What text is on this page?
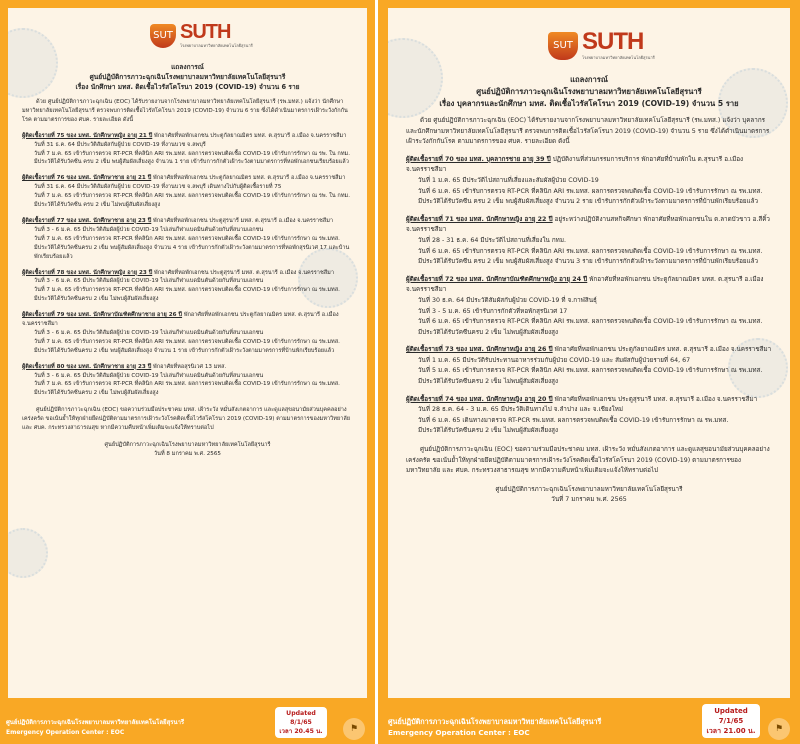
SUT SUTH
โรงพยาบาลมหาวิทยาลัยเทคโนโลยีสุรนารี
แถลงการณ์
ศูนย์ปฏิบัติการภาวะฉุกเฉินโรงพยาบาลมหาวิทยาลัยเทคโนโลยีสุรนารี
เรื่อง นักศึกษา มทส. ติดเชื้อไวรัสโคโรนา 2019 (COVID-19) จำนวน 6 ราย

ด้วย ศูนย์ปฏิบัติการภาวะฉุกเฉิน (EOC) ได้รับรายงานจากโรงพยาบาลมหาวิทยาลัยเทคโนโลยีสุรนารี (รพ.มทส.) แจ้งว่า นักศึกษามหาวิทยาลัยเทคโนโลยีสุรนารี ตรวจพบการติดเชื้อไวรัสโคโรนา 2019 (COVID-19) จำนวน 6 ราย ซึ่งได้ดำเนินมาตรการเฝ้าระวังกักกันโรค ตามมาตรการของ ศบค. รายละเอียด ดังนี้

ผู้ติดเชื้อรายที่ 75 ของ มทส. นักศึกษาหญิง อายุ 21 ปี พักอาศัยที่หอพักเอกชน ประตูกัลยาณมิตร มทส. ต.สุรนารี อ.เมือง จ.นครราชสีมา
วันที่ 31 ธ.ค. 64 มีประวัติสัมผัสกับผู้ป่วย COVID-19 ที่งานบวช จ.ลพบุรี
วันที่ 7 ม.ค. 65 เข้ารับการตรวจ RT-PCR ที่คลินิก ARI รพ.มทส. ผลการตรวจพบติดเชื้อ COVID-19 เข้ารับการรักษา ณ รพ. ใน กทม.
มีประวัติได้รับวัคซีน ครบ 2 เข็ม พบผู้สัมผัสเสี่ยงสูง จำนวน 1 ราย เข้ารับการกักตัวเฝ้าระวังตามมาตรการที่หอพักเอกชนเรียบร้อยแล้ว
ผู้ติดเชื้อรายที่ 76 ของ มทส. นักศึกษาชาย อายุ 21 ปี พักอาศัยที่หอพักเอกชน ประตูกัลยาณมิตร มทส. ต.สุรนารี อ.เมือง จ.นครราชสีมา
วันที่ 31 ธ.ค. 64 มีประวัติสัมผัสกับผู้ป่วย COVID-19 ที่งานบวช จ.ลพบุรี เดินทางไปกับผู้ติดเชื้อรายที่ 75
วันที่ 7 ม.ค. 65 เข้ารับการตรวจ RT-PCR ที่คลินิก ARI รพ.มทส. ผลการตรวจพบติดเชื้อ COVID-19 เข้ารับการรักษา ณ รพ. ใน กทม.
มีประวัติได้รับวัคซีน ครบ 2 เข็ม ไม่พบผู้สัมผัสเสี่ยงสูง
ผู้ติดเชื้อรายที่ 77 ของ มทส. นักศึกษาชาย อายุ 23 ปี พักอาศัยที่หอพักเอกชน ประตูสุรนารี มทส. ต.สุรนารี อ.เมือง จ.นครราชสีมา
วันที่ 3 - 6 ม.ค. 65 มีประวัติสัมผัสผู้ป่วย COVID-19 ไปเล่นกีฬาแบดมินตันด้วยกันที่สนามเอกชน
วันที่ 7 ม.ค. 65 เข้ารับการตรวจ RT-PCR ที่คลินิก ARI รพ.มทส. ผลการตรวจพบติดเชื้อ COVID-19 เข้ารับการรักษา ณ รพ.มทส.
มีประวัติได้รับวัคซีนครบ 2 เข็ม พบผู้สัมผัสเสี่ยงสูง จำนวน 4 ราย เข้ารับการกักตัวเฝ้าระวังตามมาตรการที่หอพักสุรนิเวศ 17 และบ้านพักเรียบร้อยแล้ว
ผู้ติดเชื้อรายที่ 78 ของ มทส. นักศึกษาหญิง อายุ 23 ปี พักอาศัยที่หอพักเอกชน ประตูสุรนารี มทส. ต.สุรนารี อ.เมือง จ.นครราชสีมา
วันที่ 3 - 6 ม.ค. 65 มีประวัติสัมผัสผู้ป่วย COVID-19 ไปเล่นกีฬาแบดมินตันด้วยกันที่สนามเอกชน
วันที่ 7 ม.ค. 65 เข้ารับการตรวจ RT-PCR ที่คลินิก ARI รพ.มทส. ผลการตรวจพบติดเชื้อ COVID-19 เข้ารับการรักษา ณ รพ.มทส.
มีประวัติได้รับวัคซีนครบ 2 เข็ม ไม่พบผู้สัมผัสเสี่ยงสูง
ผู้ติดเชื้อรายที่ 79 ของ มทส. นักศึกษาบัณฑิตศึกษาชาย อายุ 26 ปี พักอาศัยที่หอพักเอกชน ประตูกัลยาณมิตร มทส. ต.สุรนารี อ.เมือง จ.นครราชสีมา
วันที่ 3 - 6 ม.ค. 65 มีประวัติสัมผัสผู้ป่วย COVID-19 ไปเล่นกีฬาแบดมินตันด้วยกันที่สนามเอกชน
วันที่ 7 ม.ค. 65 เข้ารับการตรวจ RT-PCR ที่คลินิก ARI รพ.มทส. ผลการตรวจพบติดเชื้อ COVID-19 เข้ารับการรักษา ณ รพ.มทส.
มีประวัติได้รับวัคซีนครบ 2 เข็ม พบผู้สัมผัสเสี่ยงสูง จำนวน 1 ราย เข้ารับการกักตัวเฝ้าระวังตามมาตรการที่บ้านพักเรียบร้อยแล้ว
ผู้ติดเชื้อรายที่ 80 ของ มทส. นักศึกษาชาย อายุ 23 ปี พักอาศัยที่หอสุรนิเวศ 13 มทส.
วันที่ 3 - 6 ม.ค. 65 มีประวัติสัมผัสผู้ป่วย COVID-19 ไปเล่นกีฬาแบดมินตันด้วยกันที่สนามเอกชน
วันที่ 7 ม.ค. 65 เข้ารับการตรวจ RT-PCR ที่คลินิก ARI รพ.มทส. ผลการตรวจพบติดเชื้อ COVID-19 เข้ารับการรักษา ณ รพ.มทส.
มีประวัติได้รับวัคซีนครบ 2 เข็ม ไม่พบผู้สัมผัสเสี่ยงสูง

ศูนย์ปฏิบัติการภาวะฉุกเฉิน (EOC) ขอความร่วมมือประชาคม มทส. เฝ้าระวัง หมั่นสังเกตอาการ และดูแลสุขอนามัยส่วนบุคคลอย่างเคร่งครัด ขอเน้นย้ำให้ทุกฝ่ายยึดปฏิบัติตามมาตรการเฝ้าระวังโรคติดเชื้อไวรัสโคโรนา 2019 (COVID-19) ตามมาตรการของมหาวิทยาลัย และ ศบค. กระทรวงสาธารณสุข หากมีความคืบหน้าเพิ่มเติมจะแจ้งให้ทราบต่อไป

ศูนย์ปฏิบัติการภาวะฉุกเฉินโรงพยาบาลมหาวิทยาลัยเทคโนโลยีสุรนารี
วันที่ 8 มกราคม พ.ศ. 2565
ศูนย์ปฏิบัติการภาวะฉุกเฉินโรงพยาบาลมหาวิทยาลัยเทคโนโลยีสุรนารี
Emergency Operation Center : EOC
Updated 8/1/65
เวลา 20.45 น.	⚑
SUT SUTH
โรงพยาบาลมหาวิทยาลัยเทคโนโลยีสุรนารี
แถลงการณ์
ศูนย์ปฏิบัติการภาวะฉุกเฉินโรงพยาบาลมหาวิทยาลัยเทคโนโลยีสุรนารี
เรื่อง บุคลากรและนักศึกษา มทส. ติดเชื้อไวรัสโคโรนา 2019 (COVID-19) จำนวน 5 ราย

ด้วย ศูนย์ปฏิบัติการภาวะฉุกเฉิน (EOC) ได้รับรายงานจากโรงพยาบาลมหาวิทยาลัยเทคโนโลยีสุรนารี (รพ.มทส.) แจ้งว่า บุคลากรและนักศึกษามหาวิทยาลัยเทคโนโลยีสุรนารี ตรวจพบการติดเชื้อไวรัสโคโรนา 2019 (COVID-19) จำนวน 5 ราย ซึ่งได้ดำเนินมาตรการเฝ้าระวังกักกันโรค ตามมาตรการของ ศบค. รายละเอียด ดังนี้

ผู้ติดเชื้อรายที่ 70 ของ มทส. บุคลากรชาย อายุ 39 ปี ปฏิบัติงานที่ส่วนกรรมการบริการ พักอาศัยที่บ้านพักใน ต.สุรนารี อ.เมือง จ.นครราชสีมา
วันที่ 1 ม.ค. 65 มีประวัติไปสถานที่เสี่ยงและสัมผัสผู้ป่วย COVID-19
วันที่ 6 ม.ค. 65 เข้ารับการตรวจ RT-PCR ที่คลินิก ARI รพ.มทส. ผลการตรวจพบติดเชื้อ COVID-19 เข้ารับการรักษา ณ รพ.มทส.
มีประวัติได้รับวัคซีน ครบ 2 เข็ม พบผู้สัมผัสเสี่ยงสูง จำนวน 2 ราย เข้ารับการกักตัวเฝ้าระวังตามมาตรการที่บ้านพักเรียบร้อยแล้ว
ผู้ติดเชื้อรายที่ 71 ของ มทส. นักศึกษาหญิง อายุ 22 ปี อยู่ระหว่างปฏิบัติงานสหกิจศึกษา พักอาศัยที่หอพักเอกชนใน ต.ลาดบัวขาว อ.สีคิ้ว จ.นครราชสีมา
วันที่ 28 - 31 ธ.ค. 64 มีประวัติไปสถานที่เสี่ยงใน กทม.
วันที่ 6 ม.ค. 65 เข้ารับการตรวจ RT-PCR ที่คลินิก ARI รพ.มทส. ผลการตรวจพบติดเชื้อ COVID-19 เข้ารับการรักษา ณ รพ.มทส.
มีประวัติได้รับวัคซีน ครบ 2 เข็ม พบผู้สัมผัสเสี่ยงสูง จำนวน 3 ราย เข้ารับการกักตัวเฝ้าระวังตามมาตรการที่บ้านพักเรียบร้อยแล้ว
ผู้ติดเชื้อรายที่ 72 ของ มทส. นักศึกษาบัณฑิตศึกษาหญิง อายุ 24 ปี พักอาศัยที่หอพักเอกชน ประตูกัลยาณมิตร มทส. ต.สุรนารี อ.เมือง จ.นครราชสีมา
วันที่ 30 ธ.ค. 64 มีประวัติสัมผัสกับผู้ป่วย COVID-19 ที่ จ.กาฬสินธุ์
วันที่ 3 - 5 ม.ค. 65 เข้ารับการกักตัวที่หอพักสุรนิเวศ 17
วันที่ 6 ม.ค. 65 เข้ารับการตรวจ RT-PCR ที่คลินิก ARI รพ.มทส. ผลการตรวจพบติดเชื้อ COVID-19 เข้ารับการรักษา ณ รพ.มทส.
มีประวัติได้รับวัคซีนครบ 2 เข็ม ไม่พบผู้สัมผัสเสี่ยงสูง
ผู้ติดเชื้อรายที่ 73 ของ มทส. นักศึกษาหญิง อายุ 26 ปี พักอาศัยที่หอพักเอกชน ประตูกัลยาณมิตร มทส. ต.สุรนารี อ.เมือง จ.นครราชสีมา
วันที่ 1 ม.ค. 65 มีประวัติรับประทานอาหารร่วมกับผู้ป่วย COVID-19 และ สัมผัสกับผู้ป่วยรายที่ 64, 67
วันที่ 5 ม.ค. 65 เข้ารับการตรวจ RT-PCR ที่คลินิก ARI รพ.มทส. ผลการตรวจพบติดเชื้อ COVID-19 เข้ารับการรักษา ณ รพ.มทส.
มีประวัติได้รับวัคซีนครบ 2 เข็ม ไม่พบผู้สัมผัสเสี่ยงสูง
ผู้ติดเชื้อรายที่ 74 ของ มทส. นักศึกษาหญิง อายุ 20 ปี พักอาศัยที่หอพักเอกชน ประตูสุรนารี มทส. ต.สุรนารี อ.เมือง จ.นครราชสีมา
วันที่ 28 ธ.ค. 64 - 3 ม.ค. 65 มีประวัติเดินทางไป จ.ลำปาง และ จ.เชียงใหม่
วันที่ 6 ม.ค. 65 เดินทางมาตรวจ RT-PCR รพ.มทส. ผลการตรวจพบติดเชื้อ COVID-19 เข้ารับการรักษา ณ รพ.มทส.
มีประวัติได้รับวัคซีนครบ 2 เข็ม ไม่พบผู้สัมผัสเสี่ยงสูง

ศูนย์ปฏิบัติการภาวะฉุกเฉิน (EOC) ขอความร่วมมือประชาคม มทส. เฝ้าระวัง หมั่นสังเกตอาการ และดูแลสุขอนามัยส่วนบุคคลอย่างเคร่งครัด ขอเน้นย้ำให้ทุกฝ่ายยึดปฏิบัติตามมาตรการเฝ้าระวังโรคติดเชื้อไวรัสโคโรนา 2019 (COVID-19) ตามมาตรการของมหาวิทยาลัย และ ศบค. กระทรวงสาธารณสุข หากมีความคืบหน้าเพิ่มเติมจะแจ้งให้ทราบต่อไป

ศูนย์ปฏิบัติการภาวะฉุกเฉินโรงพยาบาลมหาวิทยาลัยเทคโนโลยีสุรนารี
วันที่ 7 มกราคม พ.ศ. 2565
ศูนย์ปฏิบัติการภาวะฉุกเฉินโรงพยาบาลมหาวิทยาลัยเทคโนโลยีสุรนารี
Emergency Operation Center : EOC
Updated 7/1/65
เวลา 21.00 น.	⚑
